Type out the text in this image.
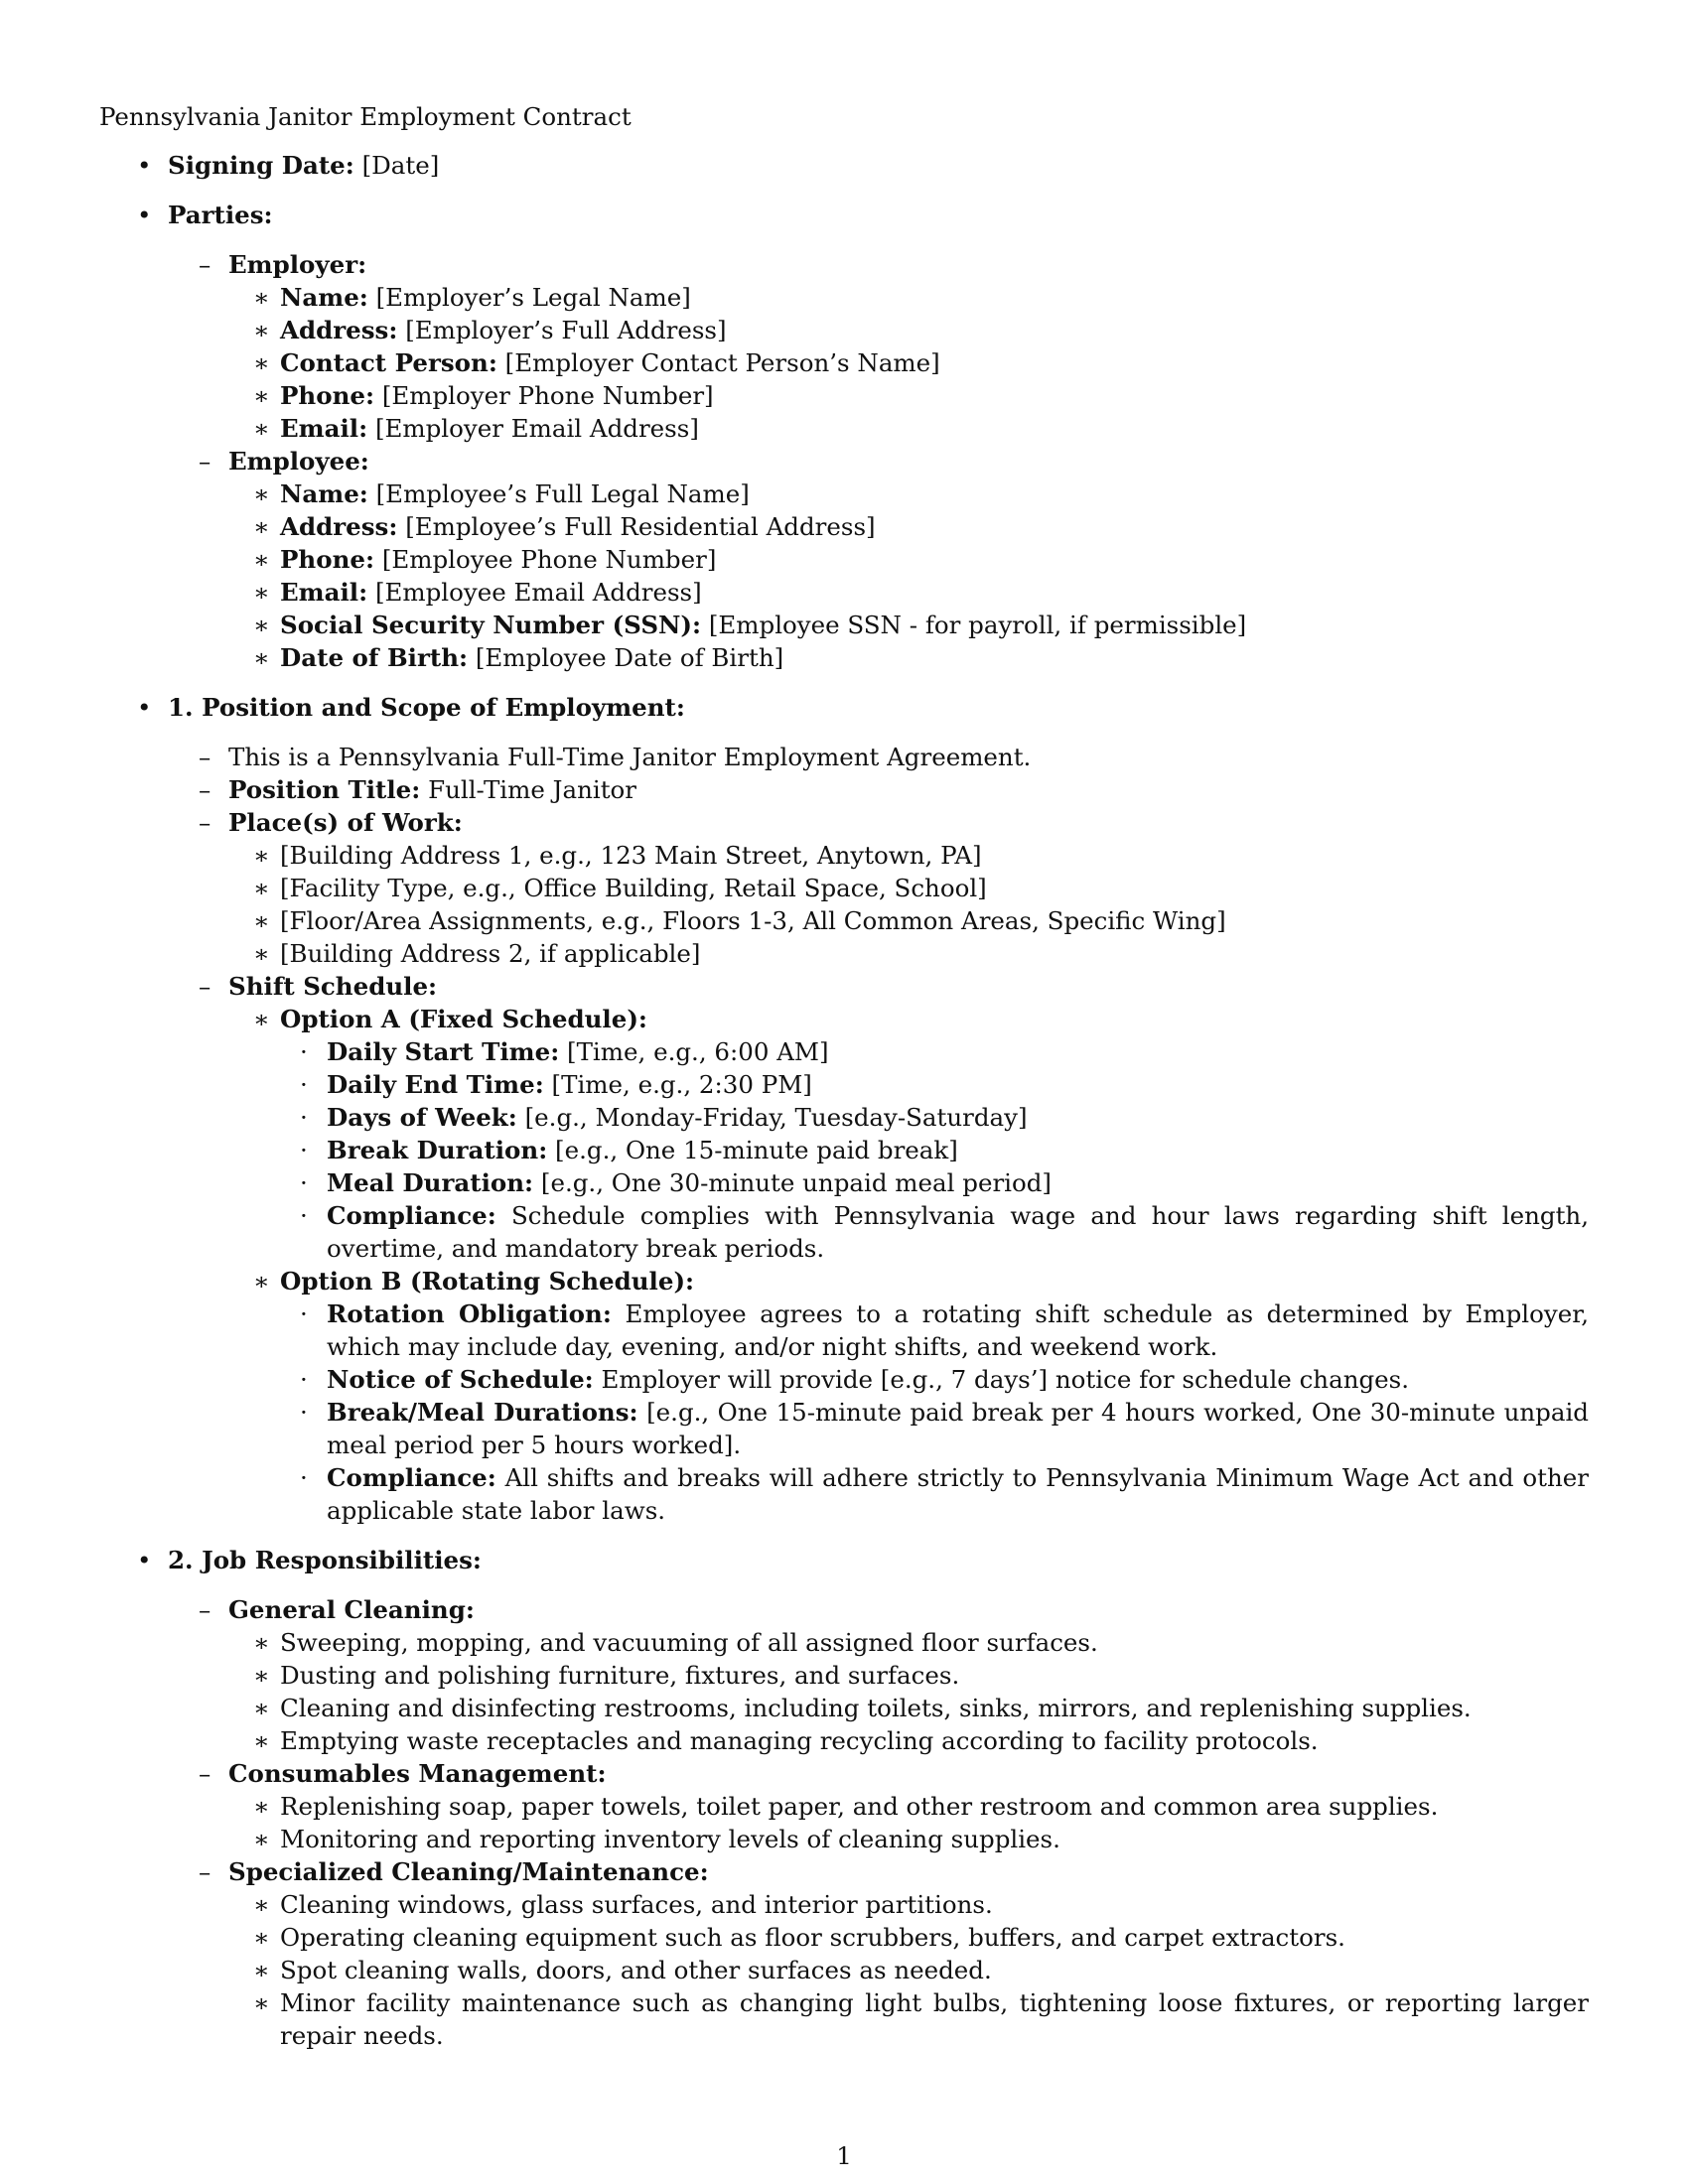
Pennsylvania Janitor Employment Contract
• Signing Date: [Date]
• Parties:
– Employer:
∗ Name: [Employer’s Legal Name]
∗ Address: [Employer’s Full Address]
∗ Contact Person: [Employer Contact Person’s Name]
∗ Phone: [Employer Phone Number]
∗ Email: [Employer Email Address]
– Employee:
∗ Name: [Employee’s Full Legal Name]
∗ Address: [Employee’s Full Residential Address]
∗ Phone: [Employee Phone Number]
∗ Email: [Employee Email Address]
∗ Social Security Number (SSN): [Employee SSN - for payroll, if permissible]
∗ Date of Birth: [Employee Date of Birth]
• 1. Position and Scope of Employment:
– This is a Pennsylvania Full-Time Janitor Employment Agreement.
– Position Title: Full-Time Janitor
– Place(s) of Work:
∗ [Building Address 1, e.g., 123 Main Street, Anytown, PA]
∗ [Facility Type, e.g., Office Building, Retail Space, School]
∗ [Floor/Area Assignments, e.g., Floors 1-3, All Common Areas, Specific Wing]
∗ [Building Address 2, if applicable]
– Shift Schedule:
∗ Option A (Fixed Schedule):
· Daily Start Time: [Time, e.g., 6:00 AM]
· Daily End Time: [Time, e.g., 2:30 PM]
· Days of Week: [e.g., Monday-Friday, Tuesday-Saturday]
· Break Duration: [e.g., One 15-minute paid break]
· Meal Duration: [e.g., One 30-minute unpaid meal period]
· Compliance: Schedule complies with Pennsylvania wage and hour laws regarding shift length, overtime, and mandatory break periods.
∗ Option B (Rotating Schedule):
· Rotation Obligation: Employee agrees to a rotating shift schedule as determined by Employer, which may include day, evening, and/or night shifts, and weekend work.
· Notice of Schedule: Employer will provide [e.g., 7 days’] notice for schedule changes.
· Break/Meal Durations: [e.g., One 15-minute paid break per 4 hours worked, One 30-minute unpaid meal period per 5 hours worked].
· Compliance: All shifts and breaks will adhere strictly to Pennsylvania Minimum Wage Act and other applicable state labor laws.
• 2. Job Responsibilities:
– General Cleaning:
∗ Sweeping, mopping, and vacuuming of all assigned floor surfaces.
∗ Dusting and polishing furniture, fixtures, and surfaces.
∗ Cleaning and disinfecting restrooms, including toilets, sinks, mirrors, and replenishing supplies.
∗ Emptying waste receptacles and managing recycling according to facility protocols.
– Consumables Management:
∗ Replenishing soap, paper towels, toilet paper, and other restroom and common area supplies.
∗ Monitoring and reporting inventory levels of cleaning supplies.
– Specialized Cleaning/Maintenance:
∗ Cleaning windows, glass surfaces, and interior partitions.
∗ Operating cleaning equipment such as floor scrubbers, buffers, and carpet extractors.
∗ Spot cleaning walls, doors, and other surfaces as needed.
∗ Minor facility maintenance such as changing light bulbs, tightening loose fixtures, or reporting larger repair needs.
1
